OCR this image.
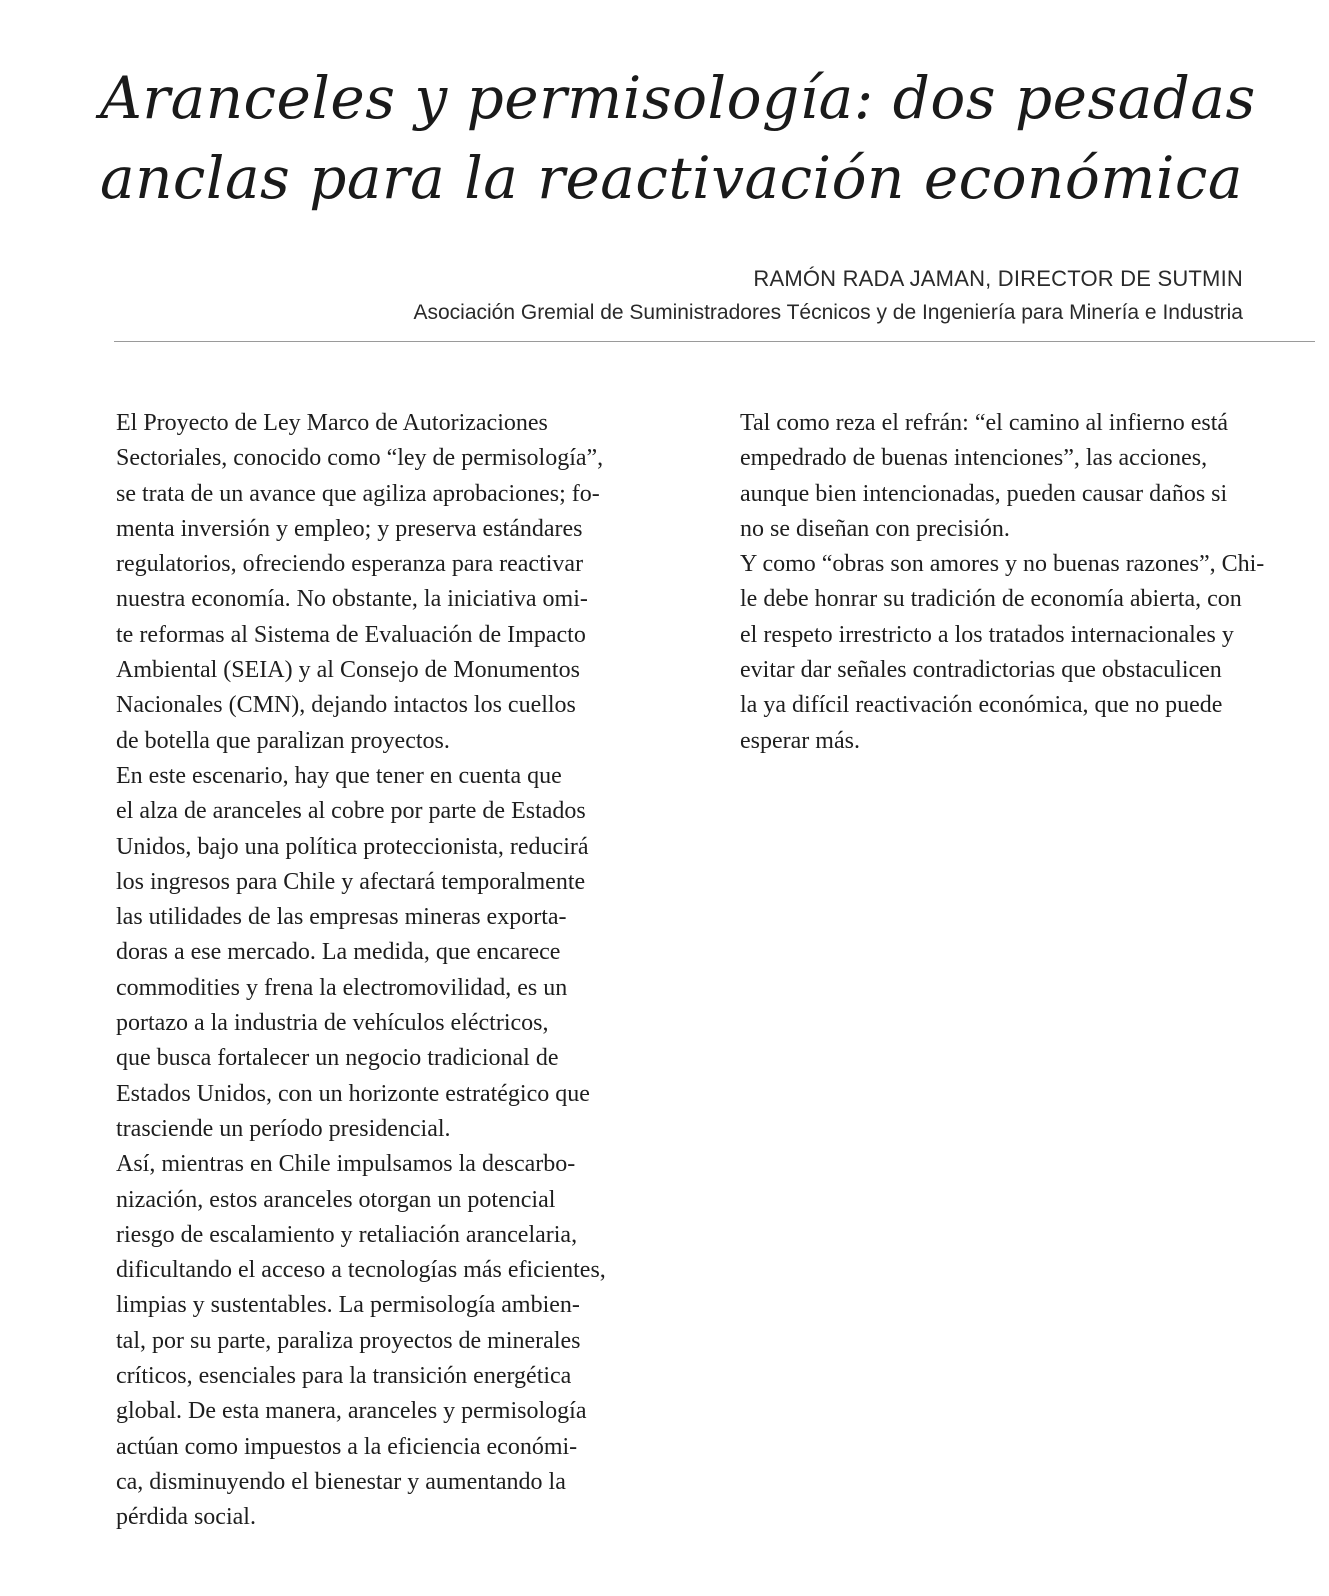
Aranceles y permisología: dos pesadas
anclas para la reactivación económica
RAMÓN RADA JAMAN, DIRECTOR DE SUTMIN
Asociación Gremial de Suministradores Técnicos y de Ingeniería para Minería e Industria

El Proyecto de Ley Marco de Autorizaciones
Sectoriales, conocido como “ley de permisología”,
se trata de un avance que agiliza aprobaciones; fo-
menta inversión y empleo; y preserva estándares
regulatorios, ofreciendo esperanza para reactivar
nuestra economía. No obstante, la iniciativa omi-
te reformas al Sistema de Evaluación de Impacto
Ambiental (SEIA) y al Consejo de Monumentos
Nacionales (CMN), dejando intactos los cuellos
de botella que paralizan proyectos.

En este escenario, hay que tener en cuenta que
el alza de aranceles al cobre por parte de Estados
Unidos, bajo una política proteccionista, reducirá
los ingresos para Chile y afectará temporalmente
las utilidades de las empresas mineras exporta-
doras a ese mercado. La medida, que encarece
commodities y frena la electromovilidad, es un
portazo a la industria de vehículos eléctricos,
que busca fortalecer un negocio tradicional de
Estados Unidos, con un horizonte estratégico que
trasciende un período presidencial.

Así, mientras en Chile impulsamos la descarbo-
nización, estos aranceles otorgan un potencial
riesgo de escalamiento y retaliación arancelaria,
dificultando el acceso a tecnologías más eficientes,
limpias y sustentables. La permisología ambien-
tal, por su parte, paraliza proyectos de minerales
críticos, esenciales para la transición energética
global. De esta manera, aranceles y permisología
actúan como impuestos a la eficiencia económi-
ca, disminuyendo el bienestar y aumentando la
pérdida social.

Tal como reza el refrán: “el camino al infierno está
empedrado de buenas intenciones”, las acciones,
aunque bien intencionadas, pueden causar daños si
no se diseñan con precisión.

Y como “obras son amores y no buenas razones”, Chi-
le debe honrar su tradición de economía abierta, con
el respeto irrestricto a los tratados internacionales y
evitar dar señales contradictorias que obstaculicen
la ya difícil reactivación económica, que no puede
esperar más.
